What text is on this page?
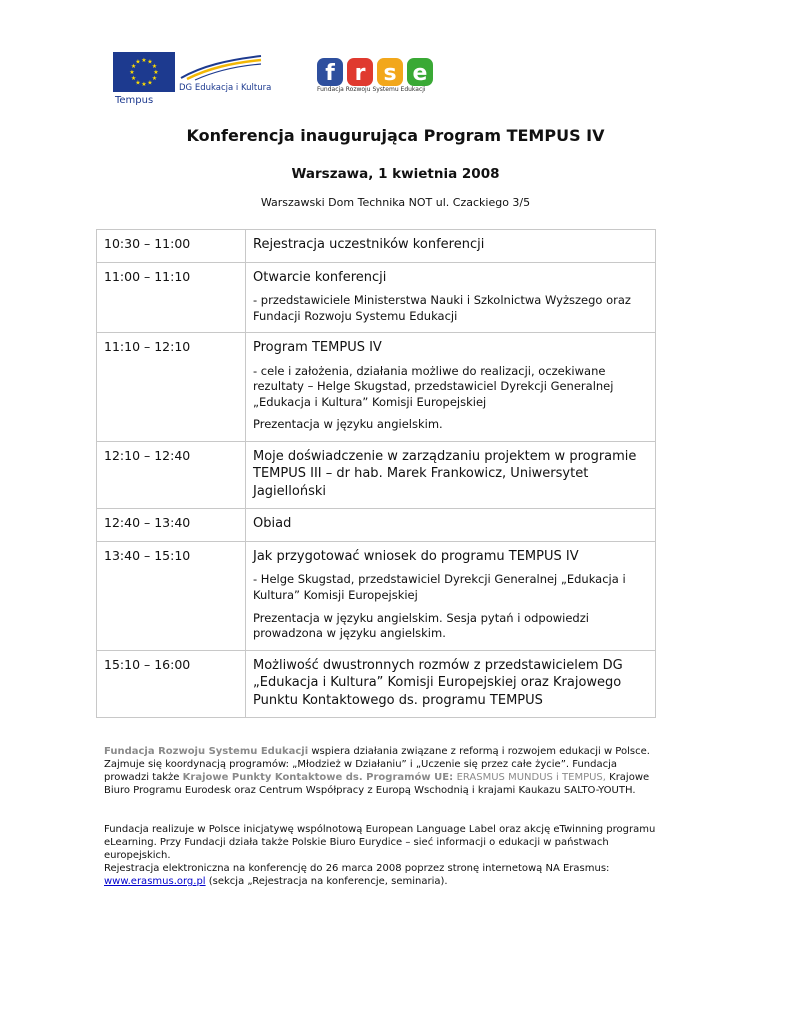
★ ★
★
★
★
★
★
★
★
★
★
★
Tempus
DG Edukacja i Kultura
f r s e
Fundacja Rozwoju Systemu Edukacji
Konferencja inaugurująca Program TEMPUS IV
Warszawa, 1 kwietnia 2008
Warszawski Dom Technika NOT ul. Czackiego 3/5
10:30 – 11:00	Rejestracja uczestników konferencji

11:00 – 11:10	Otwarcie konferencji
- przedstawiciele Ministerstwa Nauki i Szkolnictwa Wyższego oraz Fundacji Rozwoju Systemu Edukacji

11:10 – 12:10	Program TEMPUS IV
- cele i założenia, działania możliwe do realizacji, oczekiwane rezultaty – Helge Skugstad, przedstawiciel Dyrekcji Generalnej „Edukacja i Kultura” Komisji Europejskiej
Prezentacja w języku angielskim.

12:10 – 12:40	Moje doświadczenie w zarządzaniu projektem w programie TEMPUS III – dr hab. Marek Frankowicz, Uniwersytet Jagielloński

12:40 – 13:40	Obiad

13:40 – 15:10	Jak przygotować wniosek do programu TEMPUS IV
- Helge Skugstad, przedstawiciel Dyrekcji Generalnej „Edukacja i Kultura” Komisji Europejskiej
Prezentacja w języku angielskim. Sesja pytań i odpowiedzi prowadzona w języku angielskim.

15:10 – 16:00	Możliwość dwustronnych rozmów z przedstawicielem DG „Edukacja i Kultura” Komisji Europejskiej oraz Krajowego Punktu Kontaktowego ds. programu TEMPUS
Fundacja Rozwoju Systemu Edukacji wspiera działania związane z reformą i rozwojem edukacji w Polsce. Zajmuje się koordynacją programów: „Młodzież w Działaniu” i „Uczenie się przez całe życie”. Fundacja prowadzi także Krajowe Punkty Kontaktowe ds. Programów UE: ERASMUS MUNDUS i TEMPUS, Krajowe Biuro Programu Eurodesk oraz Centrum Współpracy z Europą Wschodnią i krajami Kaukazu SALTO-YOUTH.
Fundacja realizuje w Polsce inicjatywę wspólnotową European Language Label oraz akcję eTwinning programu eLearning. Przy Fundacji działa także Polskie Biuro Eurydice – sieć informacji o edukacji w państwach europejskich.
Rejestracja elektroniczna na konferencję do 26 marca 2008 poprzez stronę internetową NA Erasmus: www.erasmus.org.pl (sekcja „Rejestracja na konferencje, seminaria).
